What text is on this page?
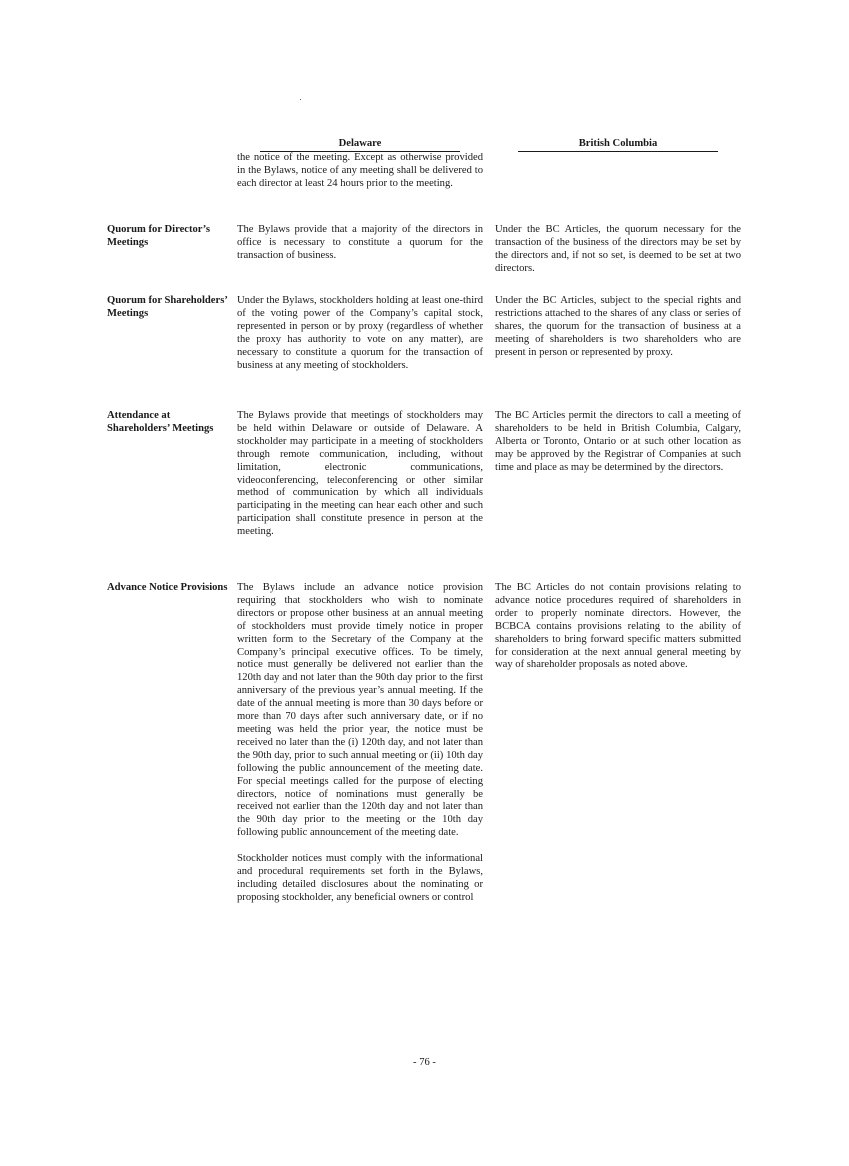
Delaware	British Columbia
the notice of the meeting. Except as otherwise provided in the Bylaws, notice of any meeting shall be delivered to each director at least 24 hours prior to the meeting.
Quorum for Director’s Meetings

The Bylaws provide that a majority of the directors in office is necessary to constitute a quorum for the transaction of business.

Under the BC Articles, the quorum necessary for the transaction of the business of the directors may be set by the directors and, if not so set, is deemed to be set at two directors.
Quorum for Shareholders’ Meetings

Under the Bylaws, stockholders holding at least one-third of the voting power of the Company’s capital stock, represented in person or by proxy (regardless of whether the proxy has authority to vote on any matter), are necessary to constitute a quorum for the transaction of business at any meeting of stockholders.

Under the BC Articles, subject to the special rights and restrictions attached to the shares of any class or series of shares, the quorum for the transaction of business at a meeting of shareholders is two shareholders who are present in person or represented by proxy.
Attendance at Shareholders’ Meetings

The Bylaws provide that meetings of stockholders may be held within Delaware or outside of Delaware. A stockholder may participate in a meeting of stockholders through remote communication, including, without limitation, electronic communications, videoconferencing, teleconferencing or other similar method of communication by which all individuals participating in the meeting can hear each other and such participation shall constitute presence in person at the meeting.

The BC Articles permit the directors to call a meeting of shareholders to be held in British Columbia, Calgary, Alberta or Toronto, Ontario or at such other location as may be approved by the Registrar of Companies at such time and place as may be determined by the directors.
Advance Notice Provisions The Bylaws include an advance notice provision requiring that stockholders who wish to nominate directors or propose other business at an annual meeting of stockholders must provide timely notice in proper written form to the Secretary of the Company at the Company’s principal executive offices. To be timely, notice must generally be delivered not earlier than the 120th day and not later than the 90th day prior to the first anniversary of the previous year’s annual meeting. If the date of the annual meeting is more than 30 days before or more than 70 days after such anniversary date, or if no meeting was held the prior year, the notice must be received no later than the (i) 120th day, and not later than the 90th day, prior to such annual meeting or (ii) 10th day following the public announcement of the meeting date. For special meetings called for the purpose of electing directors, notice of nominations must generally be received not earlier than the 120th day and not later than the 90th day prior to the meeting or the 10th day following public announcement of the meeting date.

Stockholder notices must comply with the informational and procedural requirements set forth in the Bylaws, including detailed disclosures about the nominating or proposing stockholder, any beneficial owners or control

The BC Articles do not contain provisions relating to advance notice procedures required of shareholders in order to properly nominate directors. However, the BCBCA contains provisions relating to the ability of shareholders to bring forward specific matters submitted for consideration at the next annual general meeting by way of shareholder proposals as noted above.
- 76 -
